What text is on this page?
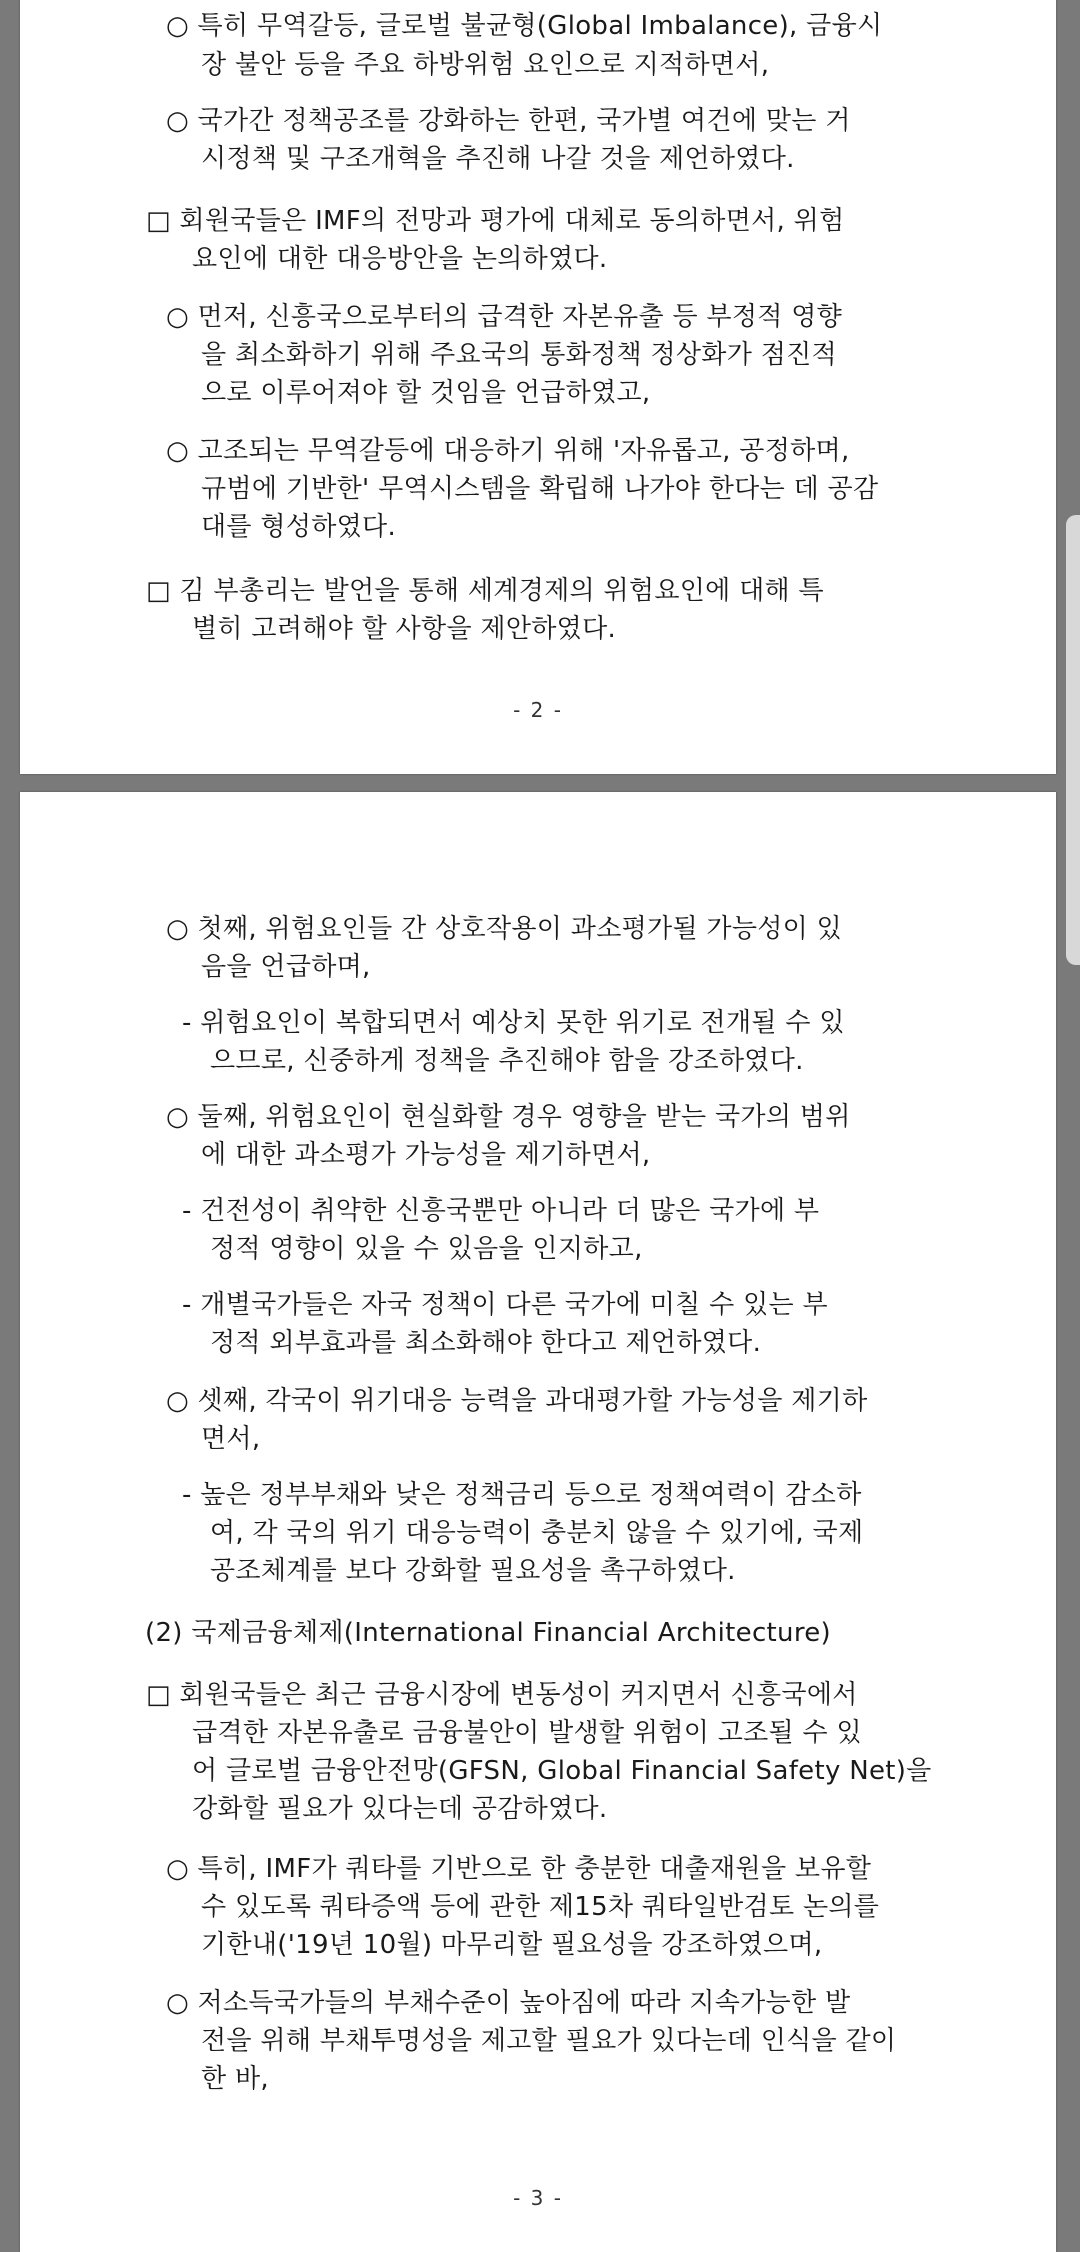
○ 특히 무역갈등, 글로벌 불균형(Global Imbalance), 금융시
장 불안 등을 주요 하방위험 요인으로 지적하면서,
○ 국가간 정책공조를 강화하는 한편, 국가별 여건에 맞는 거
시정책 및 구조개혁을 추진해 나갈 것을 제언하였다.
□ 회원국들은 IMF의 전망과 평가에 대체로 동의하면서, 위험
요인에 대한 대응방안을 논의하였다.
○ 먼저, 신흥국으로부터의 급격한 자본유출 등 부정적 영향
을 최소화하기 위해 주요국의 통화정책 정상화가 점진적
으로 이루어져야 할 것임을 언급하였고,
○ 고조되는 무역갈등에 대응하기 위해 '자유롭고, 공정하며,
규범에 기반한' 무역시스템을 확립해 나가야 한다는 데 공감
대를 형성하였다.
□ 김 부총리는 발언을 통해 세계경제의 위험요인에 대해 특
별히 고려해야 할 사항을 제안하였다.
- 2 -
○ 첫째, 위험요인들 간 상호작용이 과소평가될 가능성이 있
음을 언급하며,
- 위험요인이 복합되면서 예상치 못한 위기로 전개될 수 있
으므로, 신중하게 정책을 추진해야 함을 강조하였다.
○ 둘째, 위험요인이 현실화할 경우 영향을 받는 국가의 범위
에 대한 과소평가 가능성을 제기하면서,
- 건전성이 취약한 신흥국뿐만 아니라 더 많은 국가에 부
정적 영향이 있을 수 있음을 인지하고,
- 개별국가들은 자국 정책이 다른 국가에 미칠 수 있는 부
정적 외부효과를 최소화해야 한다고 제언하였다.
○ 셋째, 각국이 위기대응 능력을 과대평가할 가능성을 제기하
면서,
- 높은 정부부채와 낮은 정책금리 등으로 정책여력이 감소하
여, 각 국의 위기 대응능력이 충분치 않을 수 있기에, 국제
공조체계를 보다 강화할 필요성을 촉구하였다.
(2) 국제금융체제(International Financial Architecture)
□ 회원국들은 최근 금융시장에 변동성이 커지면서 신흥국에서
급격한 자본유출로 금융불안이 발생할 위험이 고조될 수 있
어 글로벌 금융안전망(GFSN, Global Financial Safety Net)을
강화할 필요가 있다는데 공감하였다.
○ 특히, IMF가 쿼타를 기반으로 한 충분한 대출재원을 보유할
수 있도록 쿼타증액 등에 관한 제15차 쿼타일반검토 논의를
기한내('19년 10월) 마무리할 필요성을 강조하였으며,
○ 저소득국가들의 부채수준이 높아짐에 따라 지속가능한 발
전을 위해 부채투명성을 제고할 필요가 있다는데 인식을 같이
한 바,
- 3 -
